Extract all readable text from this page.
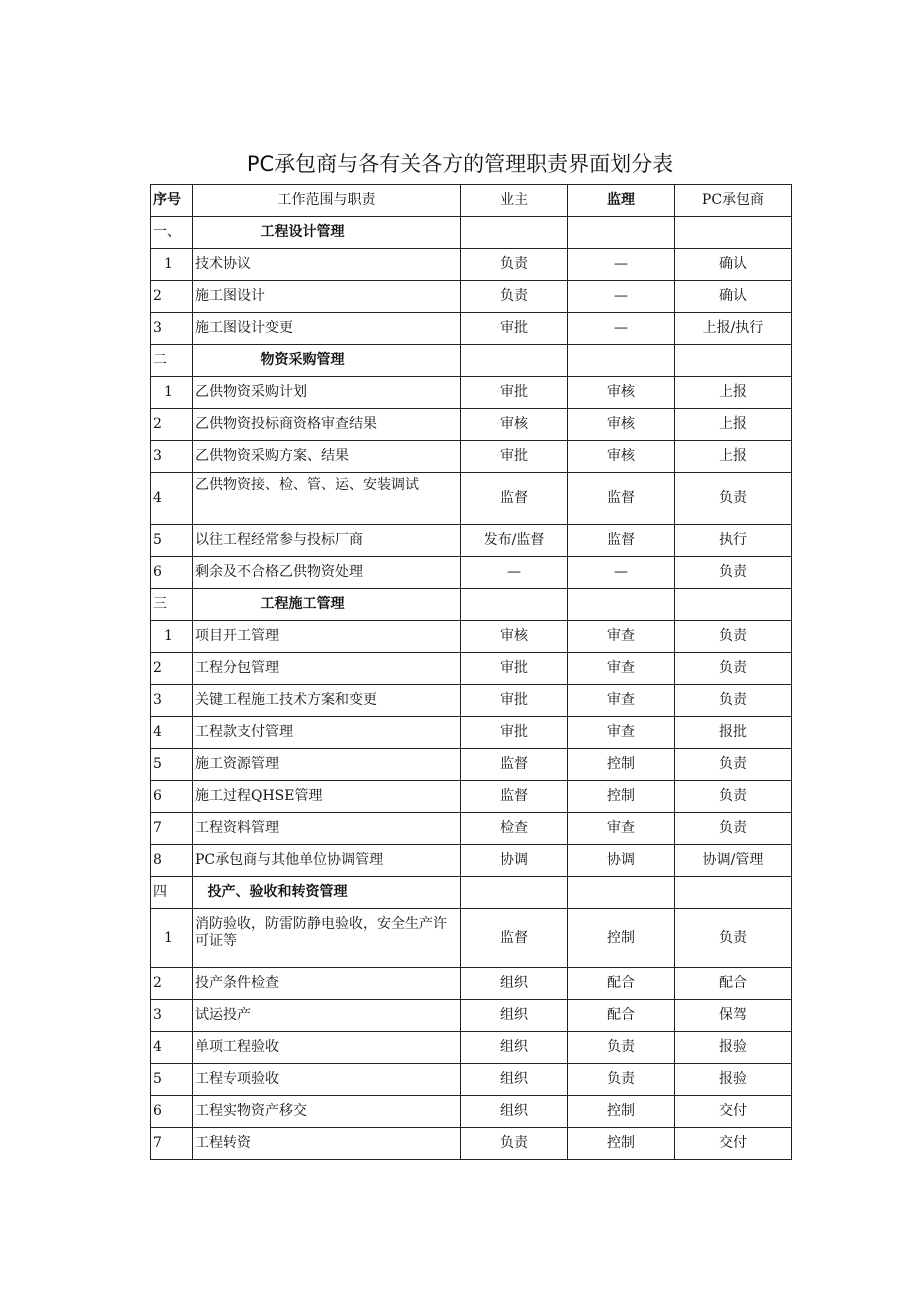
PC承包商与各有关各方的管理职责界面划分表
序号	工作范围与职责	业主	监理	PC承包商
一、	工程设计管理			
1	技术协议	负责	—	确认
2	施工图设计	负责	—	确认
3	施工图设计变更	审批	—	上报/执行
二	物资采购管理			
1	乙供物资采购计划	审批	审核	上报
2	乙供物资投标商资格审查结果	审核	审核	上报
3	乙供物资采购方案、结果	审批	审核	上报
4	乙供物资接、检、管、运、安装调试	监督	监督	负责
5	以往工程经常参与投标厂商	发布/监督	监督	执行
6	剩余及不合格乙供物资处理	—	—	负责
三	工程施工管理			
1	项目开工管理	审核	审查	负责
2	工程分包管理	审批	审查	负责
3	关键工程施工技术方案和变更	审批	审查	负责
4	工程款支付管理	审批	审查	报批
5	施工资源管理	监督	控制	负责
6	施工过程QHSE管理	监督	控制	负责
7	工程资料管理	检查	审查	负责
8	PC承包商与其他单位协调管理	协调	协调	协调/管理
四	投产、验收和转资管理			
1	消防验收，防雷防静电验收，安全生产许可证等	监督	控制	负责
2	投产条件检查	组织	配合	配合
3	试运投产	组织	配合	保驾
4	单项工程验收	组织	负责	报验
5	工程专项验收	组织	负责	报验
6	工程实物资产移交	组织	控制	交付
7	工程转资	负责	控制	交付
